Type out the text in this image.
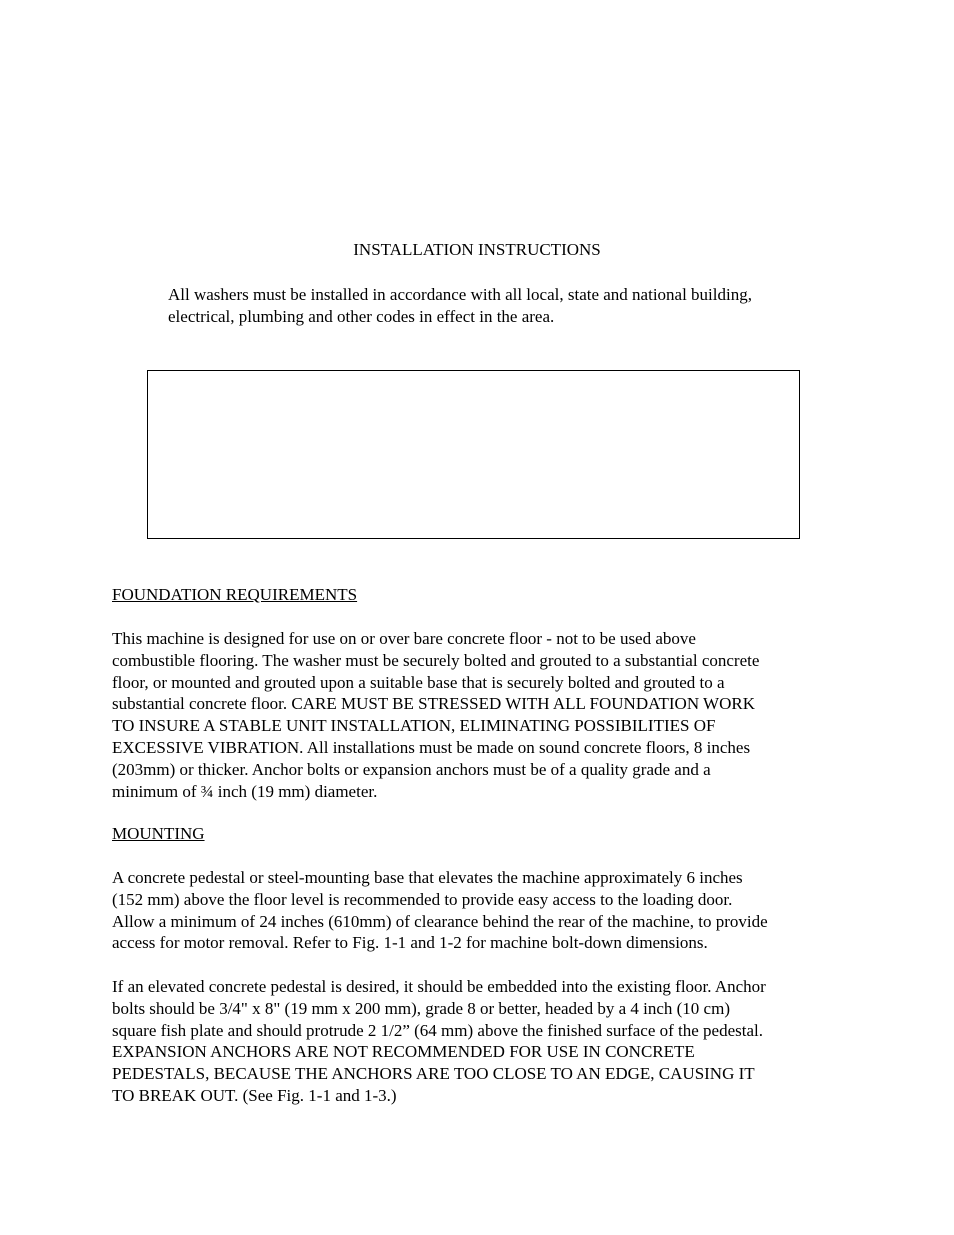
INSTALLATION INSTRUCTIONS
All washers must be installed in accordance with all local, state and national building,
electrical, plumbing and other codes in effect in the area.
FOUNDATION REQUIREMENTS
This machine is designed for use on or over bare concrete floor - not to be used above
combustible flooring. The washer must be securely bolted and grouted to a substantial concrete
floor, or mounted and grouted upon a suitable base that is securely bolted and grouted to a
substantial concrete floor. CARE MUST BE STRESSED WITH ALL FOUNDATION WORK
TO INSURE A STABLE UNIT INSTALLATION, ELIMINATING POSSIBILITIES OF
EXCESSIVE VIBRATION. All installations must be made on sound concrete floors, 8 inches
(203mm) or thicker. Anchor bolts or expansion anchors must be of a quality grade and a
minimum of ¾ inch (19 mm) diameter.
MOUNTING
A concrete pedestal or steel-mounting base that elevates the machine approximately 6 inches
(152 mm) above the floor level is recommended to provide easy access to the loading door.
Allow a minimum of 24 inches (610mm) of clearance behind the rear of the machine, to provide
access for motor removal. Refer to Fig. 1-1 and 1-2 for machine bolt-down dimensions.
If an elevated concrete pedestal is desired, it should be embedded into the existing floor. Anchor
bolts should be 3/4" x 8" (19 mm x 200 mm), grade 8 or better, headed by a 4 inch (10 cm)
square fish plate and should protrude 2 1/2” (64 mm) above the finished surface of the pedestal.
EXPANSION ANCHORS ARE NOT RECOMMENDED FOR USE IN CONCRETE
PEDESTALS, BECAUSE THE ANCHORS ARE TOO CLOSE TO AN EDGE, CAUSING IT
TO BREAK OUT. (See Fig. 1-1 and 1-3.)
